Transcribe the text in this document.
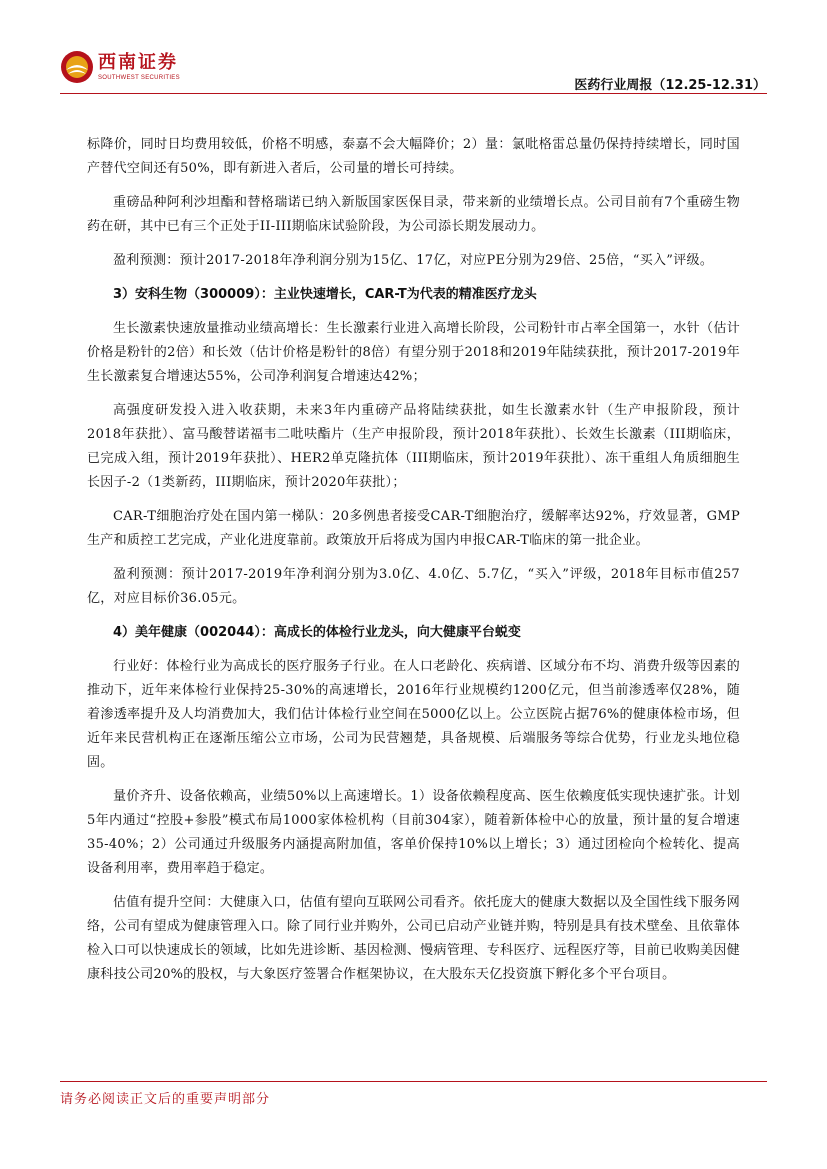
西南证券
SOUTHWEST SECURITIES
医药行业周报（12.25-12.31）

标降价，同时日均费用较低，价格不明感，泰嘉不会大幅降价；2）量：氯吡格雷总量仍保持持续增长，同时国产替代空间还有50%，即有新进入者后，公司量的增长可持续。

重磅品种阿利沙坦酯和替格瑞诺已纳入新版国家医保目录，带来新的业绩增长点。公司目前有7个重磅生物药在研，其中已有三个正处于II-III期临床试验阶段，为公司添长期发展动力。

盈利预测：预计2017-2018年净利润分别为15亿、17亿，对应PE分别为29倍、25倍，“买入”评级。

3）安科生物（300009）：主业快速增长，CAR-T为代表的精准医疗龙头

生长激素快速放量推动业绩高增长：生长激素行业进入高增长阶段，公司粉针市占率全国第一，水针（估计价格是粉针的2倍）和长效（估计价格是粉针的8倍）有望分别于2018和2019年陆续获批，预计2017-2019年生长激素复合增速达55%，公司净利润复合增速达42%；

高强度研发投入进入收获期，未来3年内重磅产品将陆续获批，如生长激素水针（生产申报阶段，预计2018年获批）、富马酸替诺福韦二吡呋酯片（生产申报阶段，预计2018年获批）、长效生长激素（III期临床，已完成入组，预计2019年获批）、HER2单克隆抗体（III期临床，预计2019年获批）、冻干重组人角质细胞生长因子-2（1类新药，III期临床，预计2020年获批）；

CAR-T细胞治疗处在国内第一梯队：20多例患者接受CAR-T细胞治疗，缓解率达92%，疗效显著，GMP生产和质控工艺完成，产业化进度靠前。政策放开后将成为国内申报CAR-T临床的第一批企业。

盈利预测：预计2017-2019年净利润分别为3.0亿、4.0亿、5.7亿，“买入”评级，2018年目标市值257亿，对应目标价36.05元。

4）美年健康（002044）：高成长的体检行业龙头，向大健康平台蜕变

行业好：体检行业为高成长的医疗服务子行业。在人口老龄化、疾病谱、区域分布不均、消费升级等因素的推动下，近年来体检行业保持25-30%的高速增长，2016年行业规模约1200亿元，但当前渗透率仅28%，随着渗透率提升及人均消费加大，我们估计体检行业空间在5000亿以上。公立医院占据76%的健康体检市场，但近年来民营机构正在逐渐压缩公立市场，公司为民营翘楚，具备规模、后端服务等综合优势，行业龙头地位稳固。

量价齐升、设备依赖高，业绩50%以上高速增长。1）设备依赖程度高、医生依赖度低实现快速扩张。计划5年内通过“控股+参股”模式布局1000家体检机构（目前304家），随着新体检中心的放量，预计量的复合增速35-40%；2）公司通过升级服务内涵提高附加值，客单价保持10%以上增长；3）通过团检向个检转化、提高设备利用率，费用率趋于稳定。

估值有提升空间：大健康入口，估值有望向互联网公司看齐。依托庞大的健康大数据以及全国性线下服务网络，公司有望成为健康管理入口。除了同行业并购外，公司已启动产业链并购，特别是具有技术壁垒、且依靠体检入口可以快速成长的领域，比如先进诊断、基因检测、慢病管理、专科医疗、远程医疗等，目前已收购美因健康科技公司20%的股权，与大象医疗签署合作框架协议，在大股东天亿投资旗下孵化多个平台项目。

请务必阅读正文后的重要声明部分
